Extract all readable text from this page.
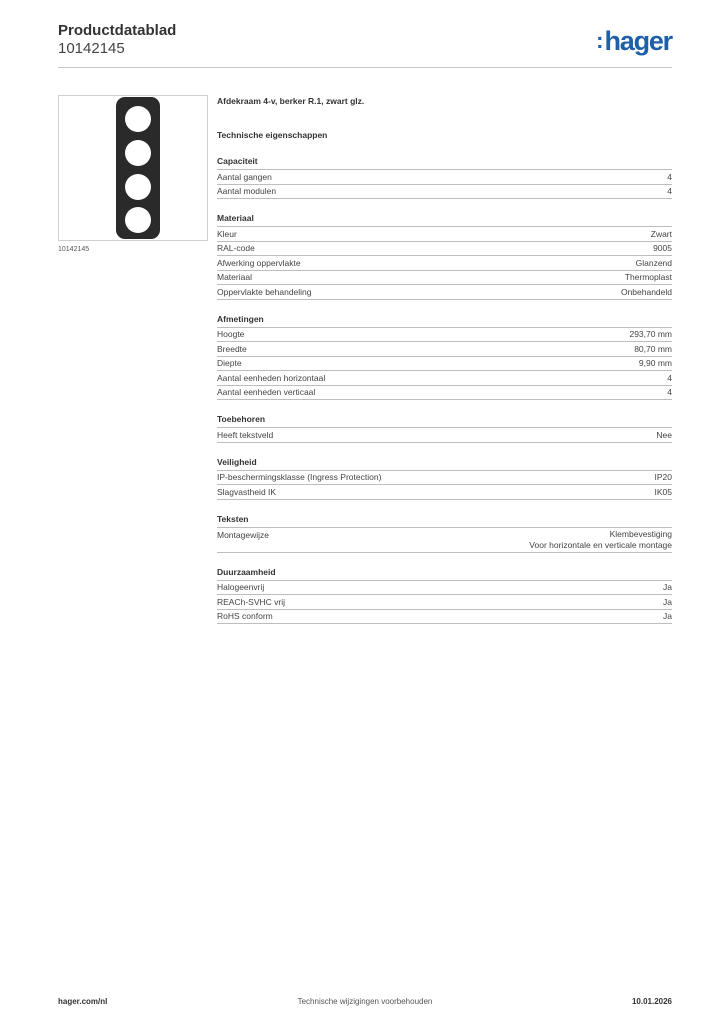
Productdatablad
10142145	:hager
10142145
Afdekraam 4-v, berker R.1, zwart glz.
Technische eigenschappen
Capaciteit
Aantal gangen	4
Aantal modulen	4
Materiaal
Kleur	Zwart
RAL-code	9005
Afwerking oppervlakte	Glanzend
Materiaal	Thermoplast
Oppervlakte behandeling	Onbehandeld
Afmetingen
Hoogte	293,70 mm
Breedte	80,70 mm
Diepte	9,90 mm
Aantal eenheden horizontaal	4
Aantal eenheden verticaal	4
Toebehoren
Heeft tekstveld	Nee
Veiligheid
IP-beschermingsklasse (Ingress Protection)	IP20
Slagvastheid IK	IK05
Teksten
Montagewijze	Klembevestiging
Voor horizontale en verticale montage
Duurzaamheid
Halogeenvrij	Ja
REACh-SVHC vrij	Ja
RoHS conform	Ja
hager.com/nl	Technische wijzigingen voorbehouden	10.01.2026
